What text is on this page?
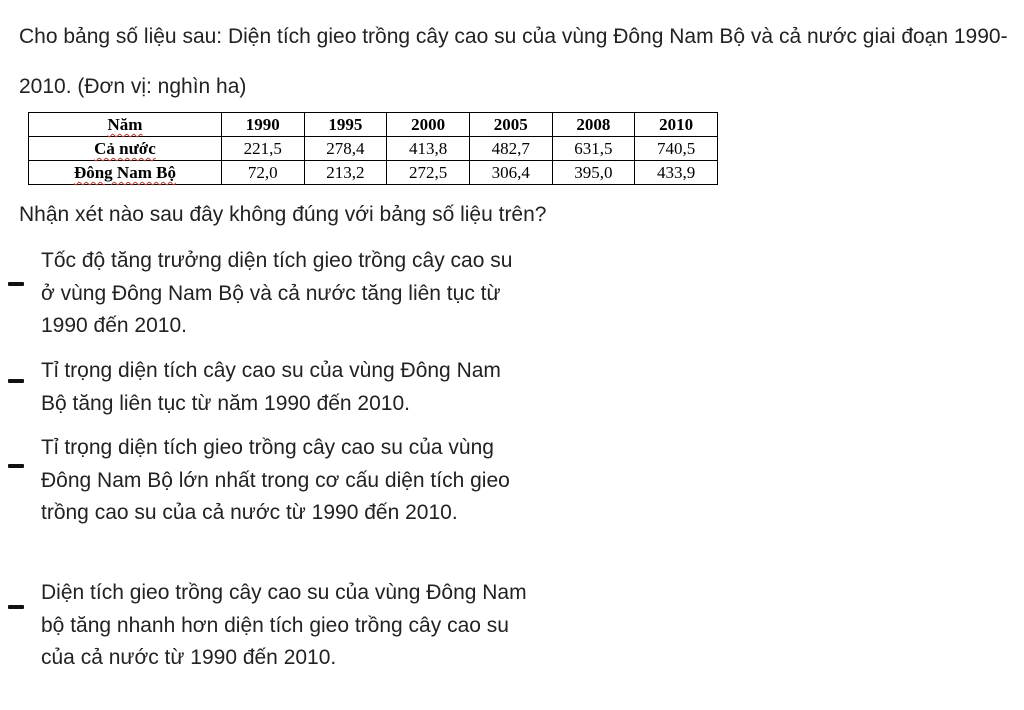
Cho bảng số liệu sau: Diện tích gieo trồng cây cao su của vùng Đông Nam Bộ và cả nước giai đoạn 1990-2010. (Đơn vị: nghìn ha)

Năm	1990	1995	2000	2005	2008	2010
Cả nước	221,5	278,4	413,8	482,7	631,5	740,5
Đông Nam Bộ	72,0	213,2	272,5	306,4	395,0	433,9

Nhận xét nào sau đây không đúng với bảng số liệu trên?

Tốc độ tăng trưởng diện tích gieo trồng cây cao su ở vùng Đông Nam Bộ và cả nước tăng liên tục từ 1990 đến 2010.

Tỉ trọng diện tích cây cao su của vùng Đông Nam Bộ tăng liên tục từ năm 1990 đến 2010.

Tỉ trọng diện tích gieo trồng cây cao su của vùng Đông Nam Bộ lớn nhất trong cơ cấu diện tích gieo trồng cao su của cả nước từ 1990 đến 2010.

Diện tích gieo trồng cây cao su của vùng Đông Nam bộ tăng nhanh hơn diện tích gieo trồng cây cao su của cả nước từ 1990 đến 2010.
